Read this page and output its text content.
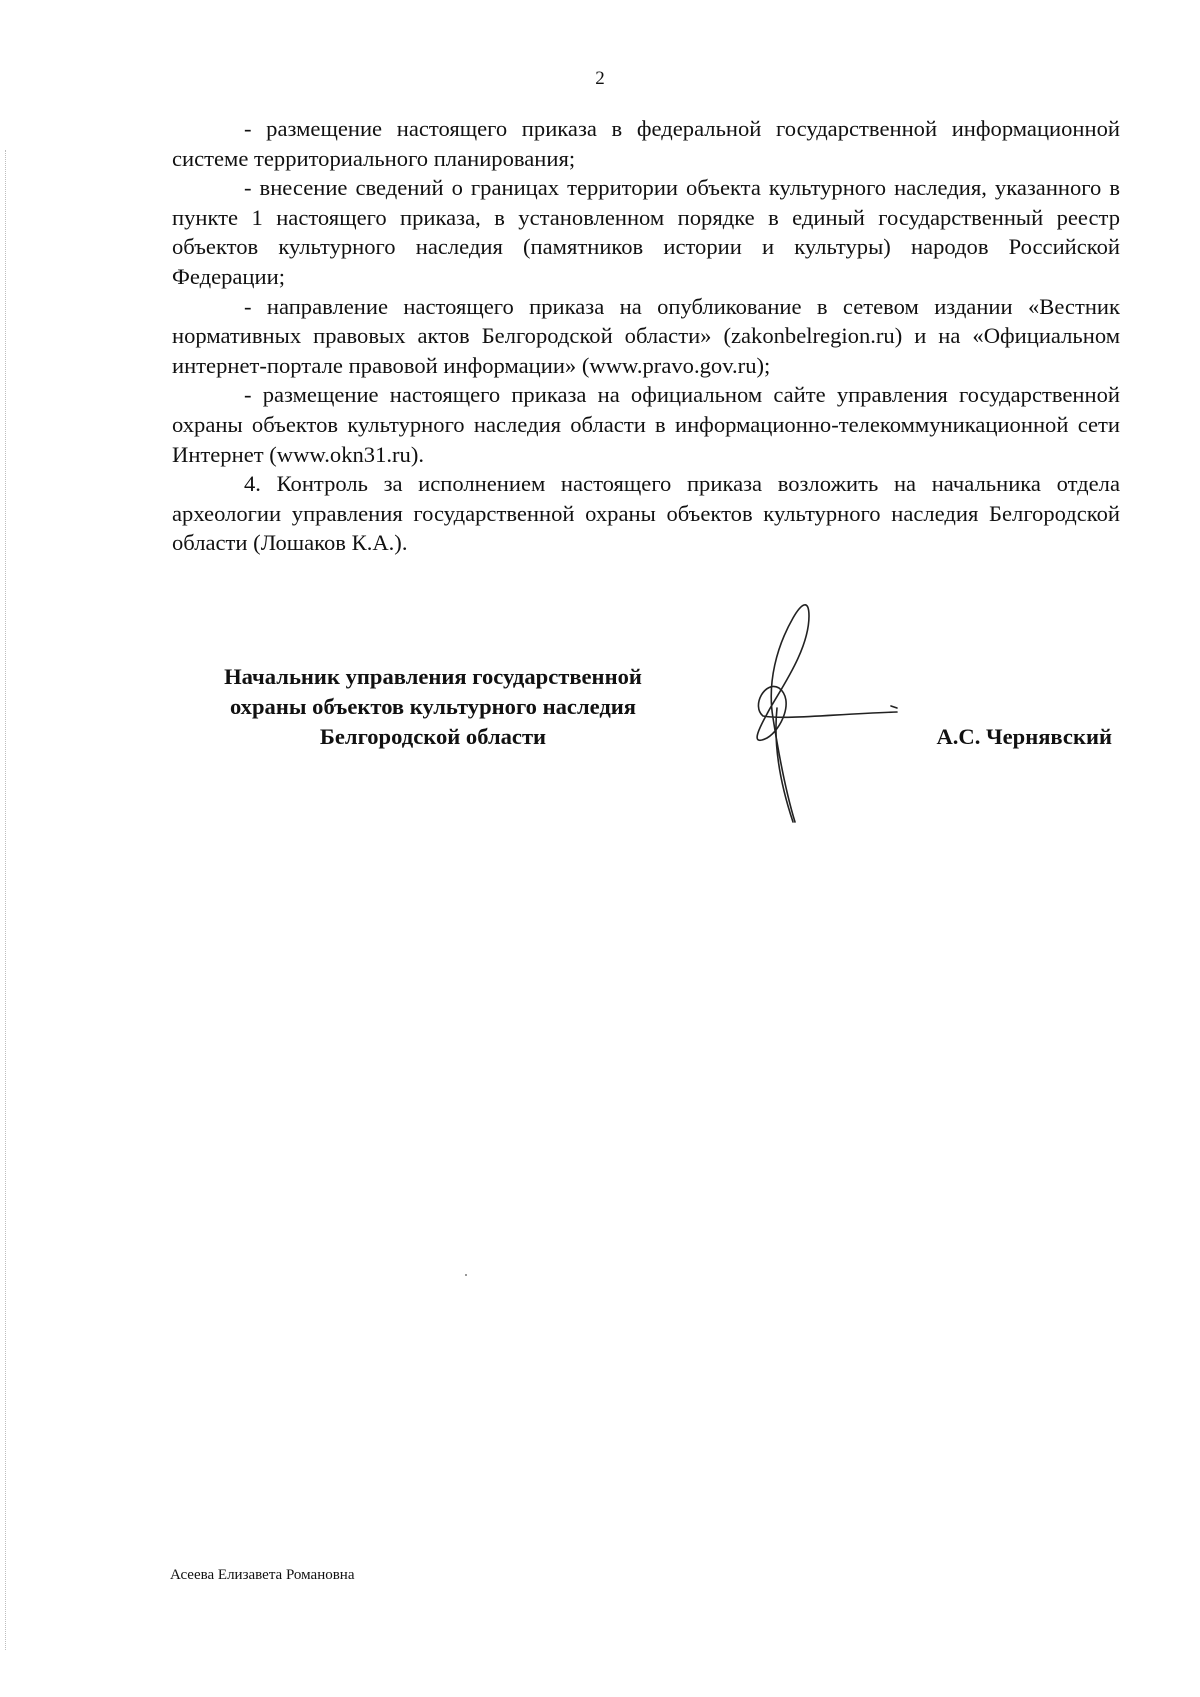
2

- размещение настоящего приказа в федеральной государственной информационной системе территориального планирования;

- внесение сведений о границах территории объекта культурного наследия, указанного в пункте 1 настоящего приказа, в установленном порядке в единый государственный реестр объектов культурного наследия (памятников истории и культуры) народов Российской Федерации;

- направление настоящего приказа на опубликование в сетевом издании «Вестник нормативных правовых актов Белгородской области» (zakonbelregion.ru) и на «Официальном интернет-портале правовой информации» (www.pravo.gov.ru);

- размещение настоящего приказа на официальном сайте управления государственной охраны объектов культурного наследия области в информационно-телекоммуникационной сети Интернет (www.okn31.ru).

4. Контроль за исполнением настоящего приказа возложить на начальника отдела археологии управления государственной охраны объектов культурного наследия Белгородской области (Лошаков К.А.).

Начальник управления государственной
охраны объектов культурного наследия
Белгородской области	А.С. Чернявский
Асеева Елизавета Романовна
